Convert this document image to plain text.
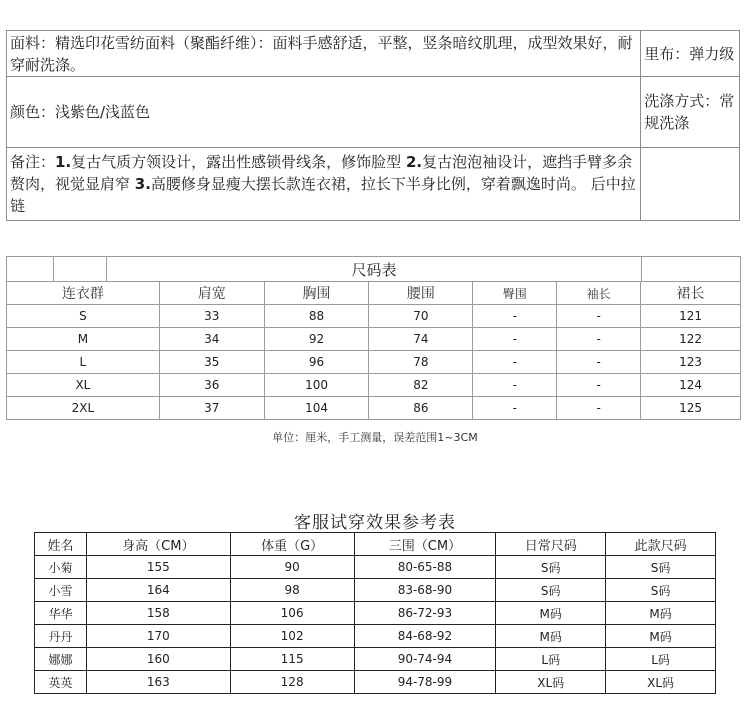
面料：精选印花雪纺面料（聚酯纤维）：面料手感舒适，平整，竖条暗纹肌理，成型效果好，耐穿耐洗涤。	里布：弹力级
颜色：浅紫色/浅蓝色	洗涤方式：常规洗涤
备注：1.复古气质方领设计，露出性感锁骨线条，修饰脸型 2.复古泡泡袖设计，遮挡手臂多余赘肉，视觉显肩窄 3.高腰修身显瘦大摆长款连衣裙，拉长下半身比例，穿着飘逸时尚。 后中拉链	
尺码表						

连衣群	肩宽	胸围	腰围	臀围	袖长	裙长
S	33	88	70	-	-	121
M	34	92	74	-	-	122
L	35	96	78	-	-	123
XL	36	100	82	-	-	124
2XL	37	104	86	-	-	125
单位：厘米，手工测量，误差范围1~3CM
客服试穿效果参考表
姓名	身高（CM）	体重（G）	三围（CM）	日常尺码	此款尺码
小菊	155	90	80-65-88	S码	S码
小雪	164	98	83-68-90	S码	S码
华华	158	106	86-72-93	M码	M码
丹丹	170	102	84-68-92	M码	M码
娜娜	160	115	90-74-94	L码	L码
英英	163	128	94-78-99	XL码	XL码
